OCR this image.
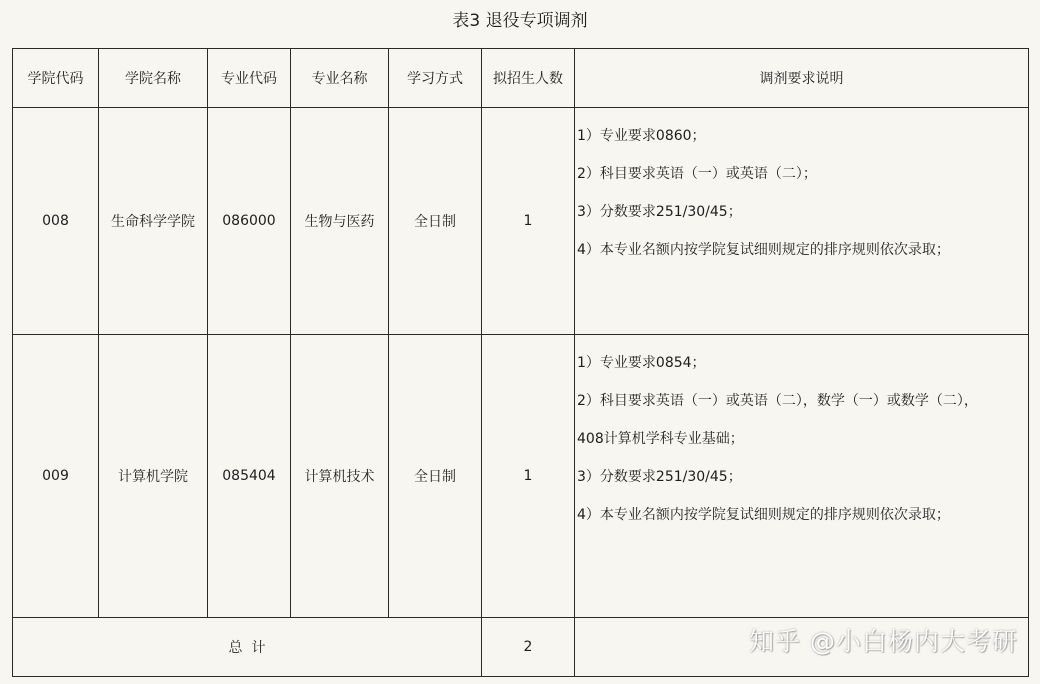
表3 退役专项调剂
学院代码	学院名称	专业代码	专业名称	学习方式	拟招生人数	调剂要求说明
008	生命科学学院	086000	生物与医药	全日制	1	1）专业要求0860；
2）科目要求英语（一）或英语（二）；
3）分数要求251/30/45；
4）本专业名额内按学院复试细则规定的排序规则依次录取；

009	计算机学院	085404	计算机技术	全日制	1	1）专业要求0854；
2）科目要求英语（一）或英语（二），数学（一）或数学（二），
408计算机学科专业基础；
3）分数要求251/30/45；
4）本专业名额内按学院复试细则规定的排序规则依次录取；

总  计					2		知乎 @小白杨内大考研
